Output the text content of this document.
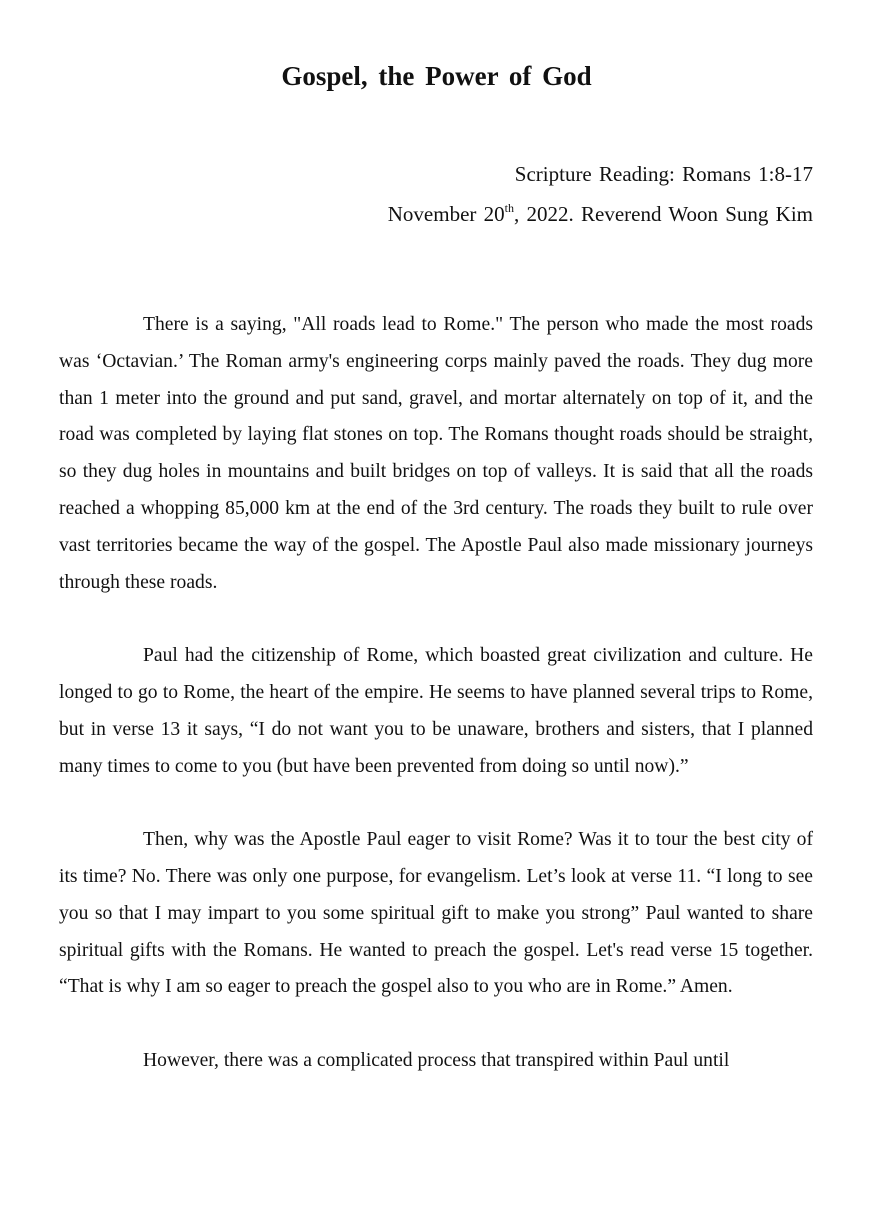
Gospel, the Power of God
Scripture Reading: Romans 1:8-17
November 20th, 2022. Reverend Woon Sung Kim

There is a saying, "All roads lead to Rome." The person who made the most roads was ‘Octavian.’ The Roman army's engineering corps mainly paved the roads. They dug more than 1 meter into the ground and put sand, gravel, and mortar alternately on top of it, and the road was completed by laying flat stones on top. The Romans thought roads should be straight, so they dug holes in mountains and built bridges on top of valleys. It is said that all the roads reached a whopping 85,000 km at the end of the 3rd century. The roads they built to rule over vast territories became the way of the gospel. The Apostle Paul also made missionary journeys through these roads.

Paul had the citizenship of Rome, which boasted great civilization and culture. He longed to go to Rome, the heart of the empire. He seems to have planned several trips to Rome, but in verse 13 it says, “I do not want you to be unaware, brothers and sisters, that I planned many times to come to you (but have been prevented from doing so until now).”

Then, why was the Apostle Paul eager to visit Rome? Was it to tour the best city of its time? No. There was only one purpose, for evangelism. Let’s look at verse 11. “I long to see you so that I may impart to you some spiritual gift to make you strong” Paul wanted to share spiritual gifts with the Romans. He wanted to preach the gospel. Let's read verse 15 together. “That is why I am so eager to preach the gospel also to you who are in Rome.” Amen.

However, there was a complicated process that transpired within Paul until
